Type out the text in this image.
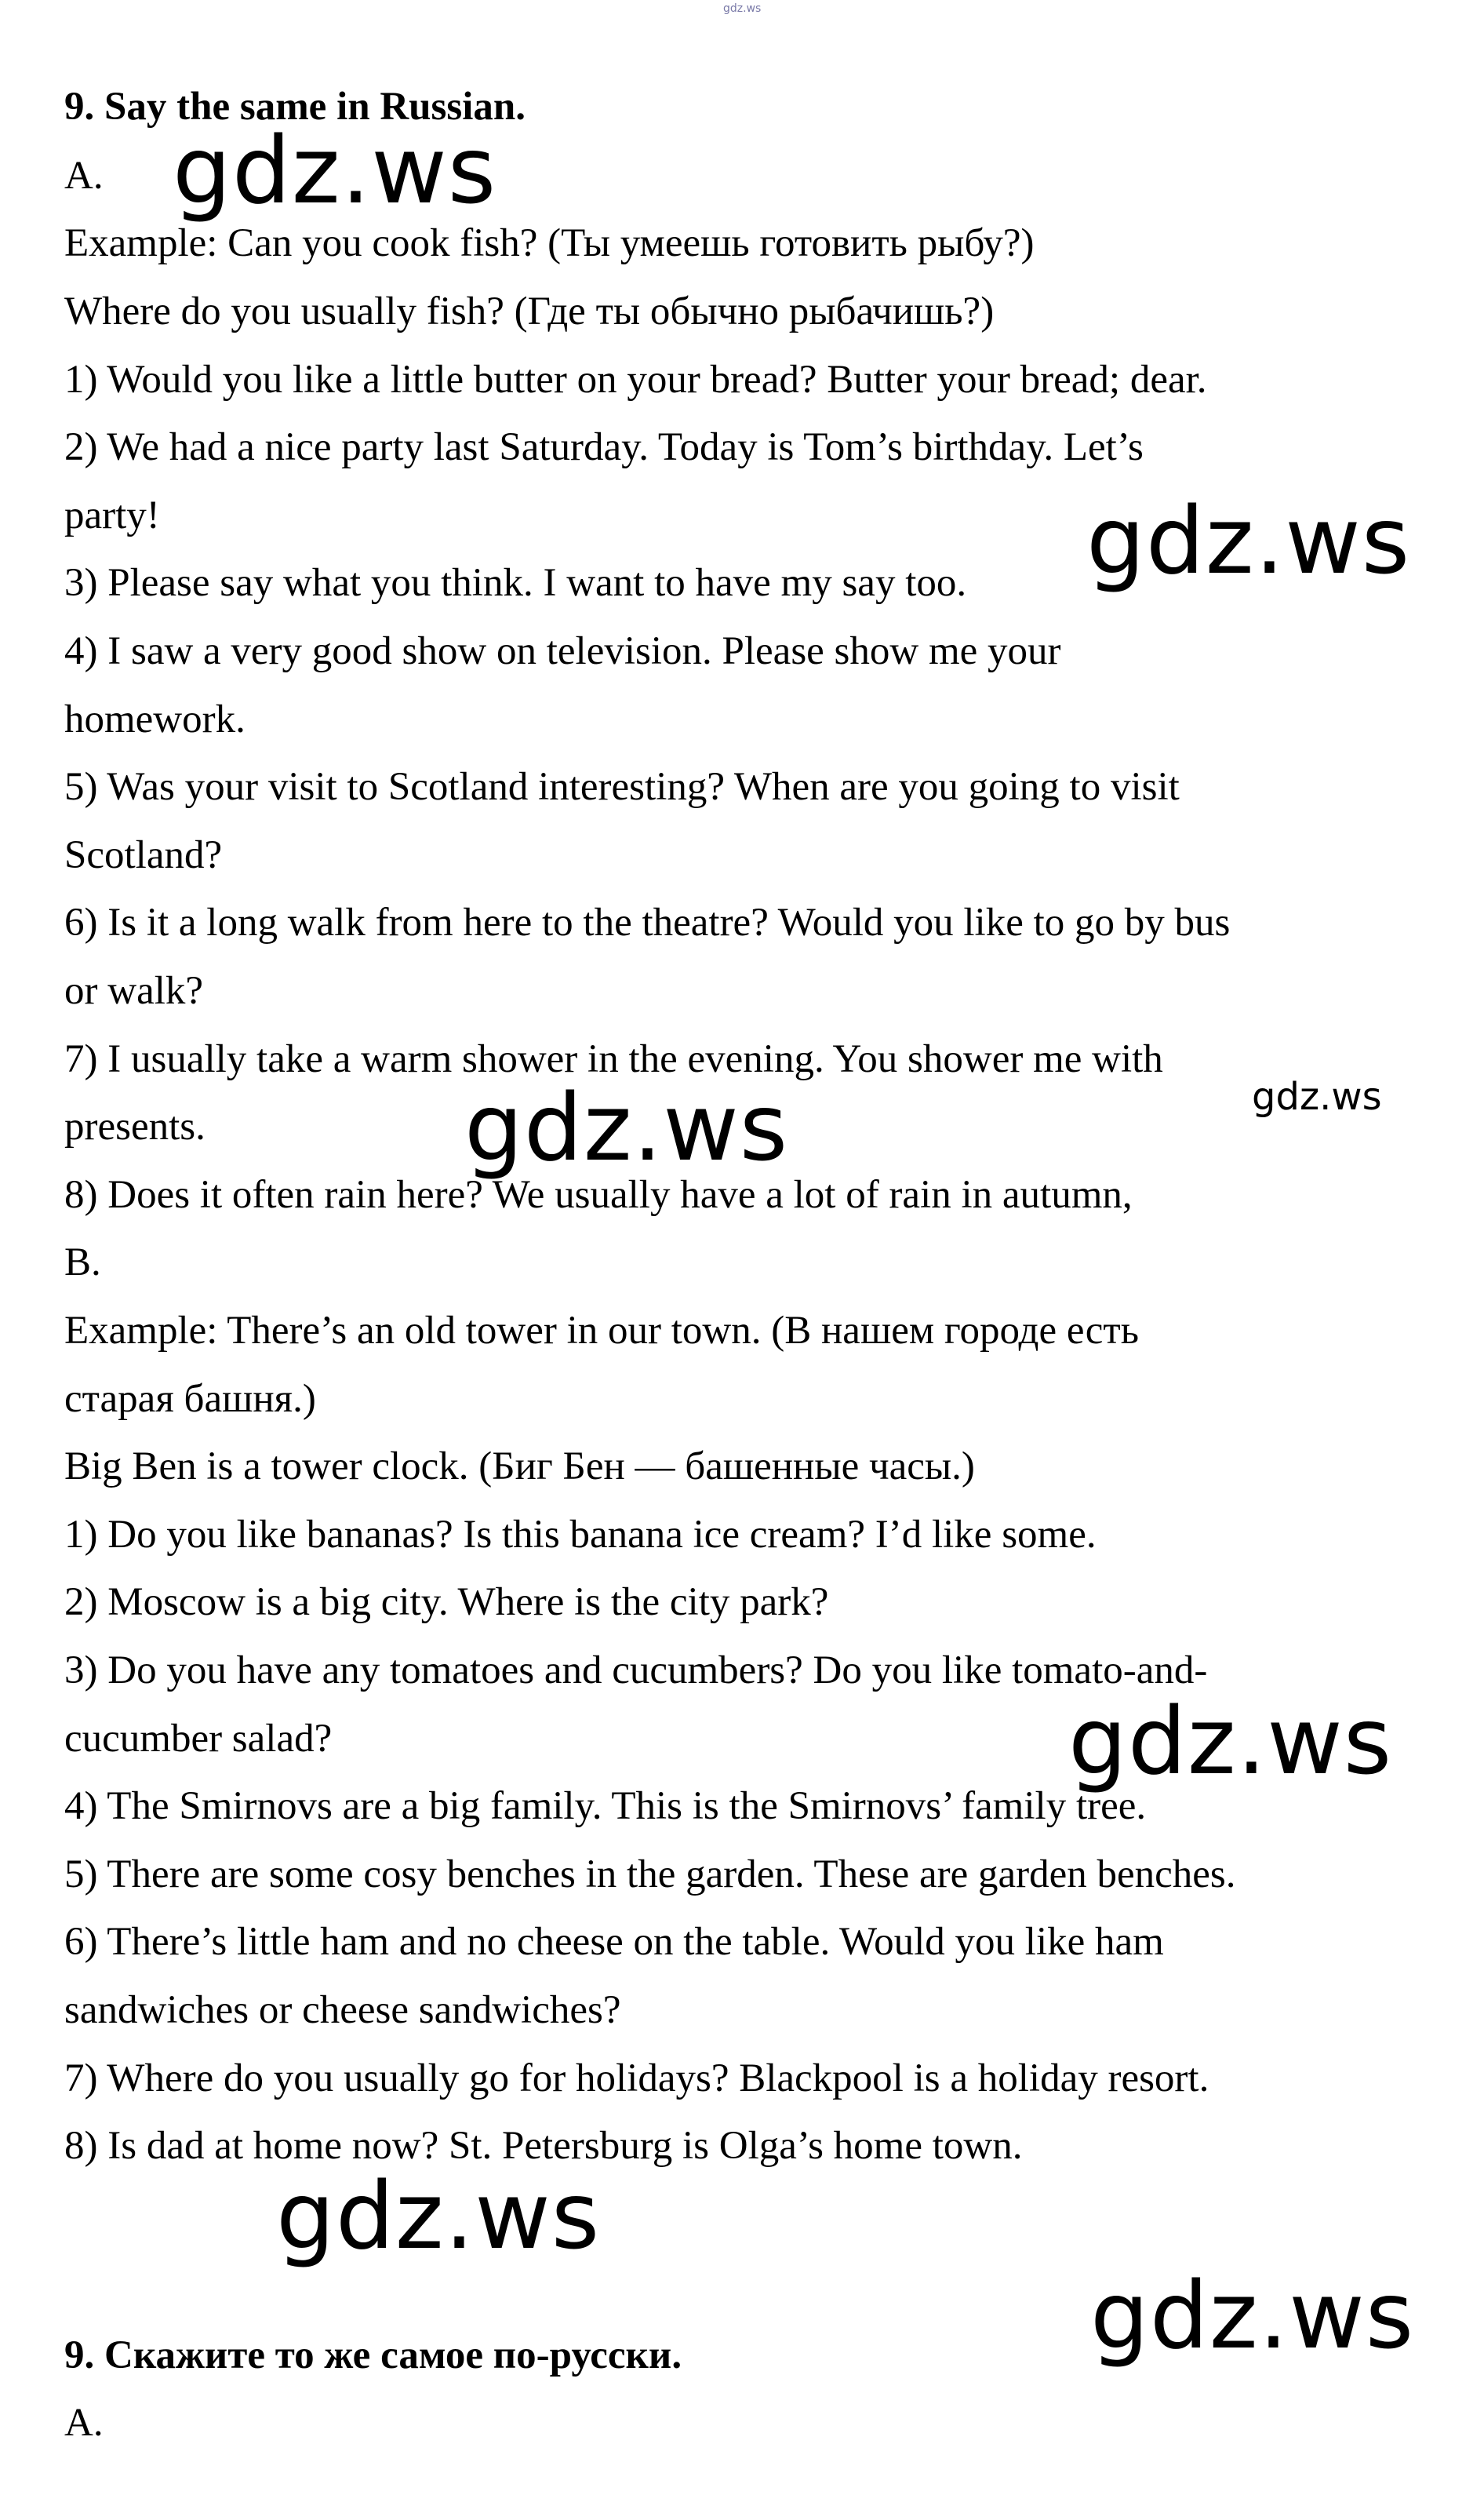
gdz.ws
9. Say the same in Russian.
A.
Example: Can you cook fish? (Ты умеешь готовить рыбу?)
Where do you usually fish? (Где ты обычно рыбачишь?)
1) Would you like a little butter on your bread? Butter your bread; dear.
2) We had a nice party last Saturday. Today is Tom’s birthday. Let’s
party!
3) Please say what you think. I want to have my say too.
4) I saw a very good show on television. Please show me your
homework.
5) Was your visit to Scotland interesting? When are you going to visit
Scotland?
6) Is it a long walk from here to the theatre? Would you like to go by bus
or walk?
7) I usually take a warm shower in the evening. You shower me with
presents.
8) Does it often rain here? We usually have a lot of rain in autumn,
B.
Example: There’s an old tower in our town. (В нашем городе есть
старая башня.)
Big Ben is a tower clock. (Биг Бен — башенные часы.)
1) Do you like bananas? Is this banana ice cream? I’d like some.
2) Moscow is a big city. Where is the city park?
3) Do you have any tomatoes and cucumbers? Do you like tomato-and-
cucumber salad?
4) The Smirnovs are a big family. This is the Smirnovs’ family tree.
5) There are some cosy benches in the garden. These are garden benches.
6) There’s little ham and no cheese on the table. Would you like ham
sandwiches or cheese sandwiches?
7) Where do you usually go for holidays? Blackpool is a holiday resort.
8) Is dad at home now? St. Petersburg is Olga’s home town.
9. Скажите то же самое по-русски.
A.
gdz.ws
gdz.ws
gdz.ws	gdz.ws
gdz.ws
gdz.ws
gdz.ws
